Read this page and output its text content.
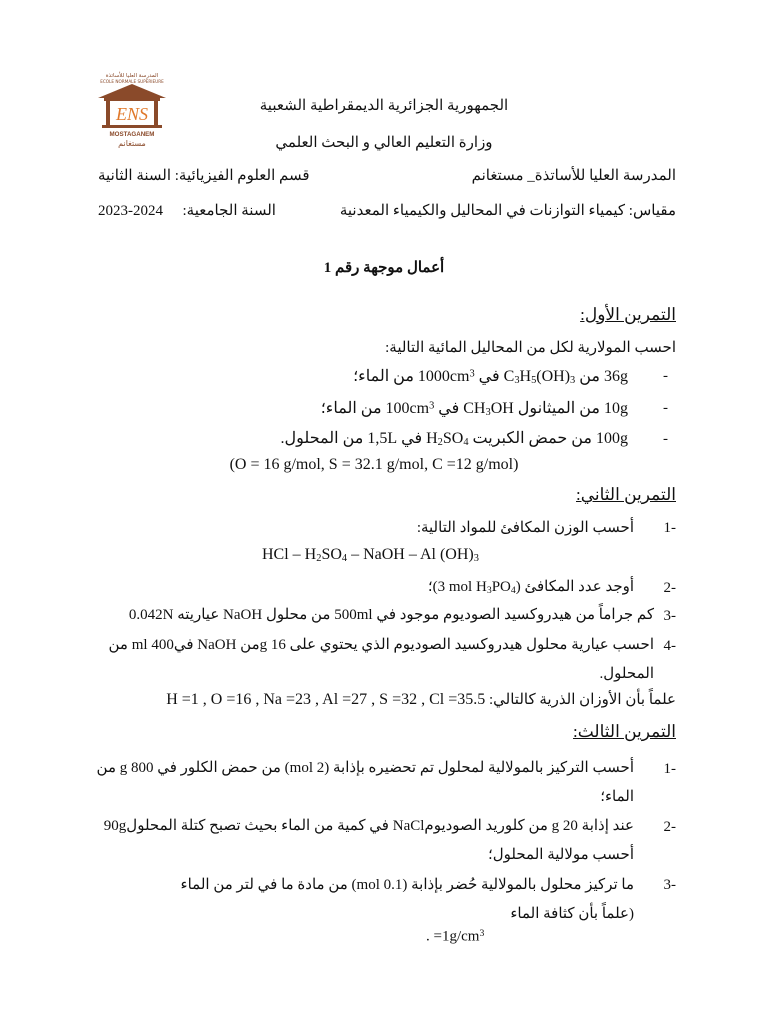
المدرسة العليا للأساتذة
ECOLE NORMALE SUPERIEURE
ENS
MOSTAGANEM
مستغانم
الجمهورية الجزائرية الديمقراطية الشعبية
وزارة التعليم العالي و البحث العلمي
المدرسة العليا للأساتذة_ مستغانم
قسم العلوم الفيزيائية: السنة الثانية
مقياس: كيمياء التوازنات في المحاليل والكيمياء المعدنية
2023-2024 السنة الجامعية:
أعمال موجهة رقم 1
التمرين الأول:
احسب المولارية لكل من المحاليل المائية التالية:
-
36g من $C_3H_5(OH)_3$ في $1000cm^3$ من الماء؛
-
10g من الميثانول $CH_3OH$ في $100cm^3$ من الماء؛
-
100g من حمض الكبريت $H_2SO_4$ في 1,5L من المحلول.
(O = 16 g/mol, S = 32.1 g/mol, C =12 g/mol)
التمرين الثاني:
1-
أحسب الوزن المكافئ للمواد التالية:
HCl – $H_2SO_4$ – NaOH – Al $(OH)_3$
2-
أوجد عدد المكافئ (3 mol $H_3PO_4)؛$
3-
كم جراماً من هيدروكسيد الصوديوم موجود في 500ml من محلول NaOH عياريته 0.042N
4-
احسب عيارية محلول هيدروكسيد الصوديوم الذي يحتوي على 16 gمن NaOH في400 ml من
المحلول.
علماً بأن الأوزان الذرية كالتالي: H =1 , O =16 , Na =23 , Al =27 , S =32 , Cl =35.5
التمرين الثالث:
1-
أحسب التركيز بالمولالية لمحلول تم تحضيره بإذابة (2 mol) من حمض الكلور في 800 g من
الماء؛
2-
عند إذابة 20 g من كلوريد الصوديومNaCl في كمية من الماء بحيث تصبح كتلة المحلول90g
أحسب مولالية المحلول؛
3-
ما تركيز محلول بالمولالية حُضر بإذابة (0.1 mol) من مادة ما في لتر من الماء
(علماً بأن كثافة الماء
. $=1g/cm^3$
